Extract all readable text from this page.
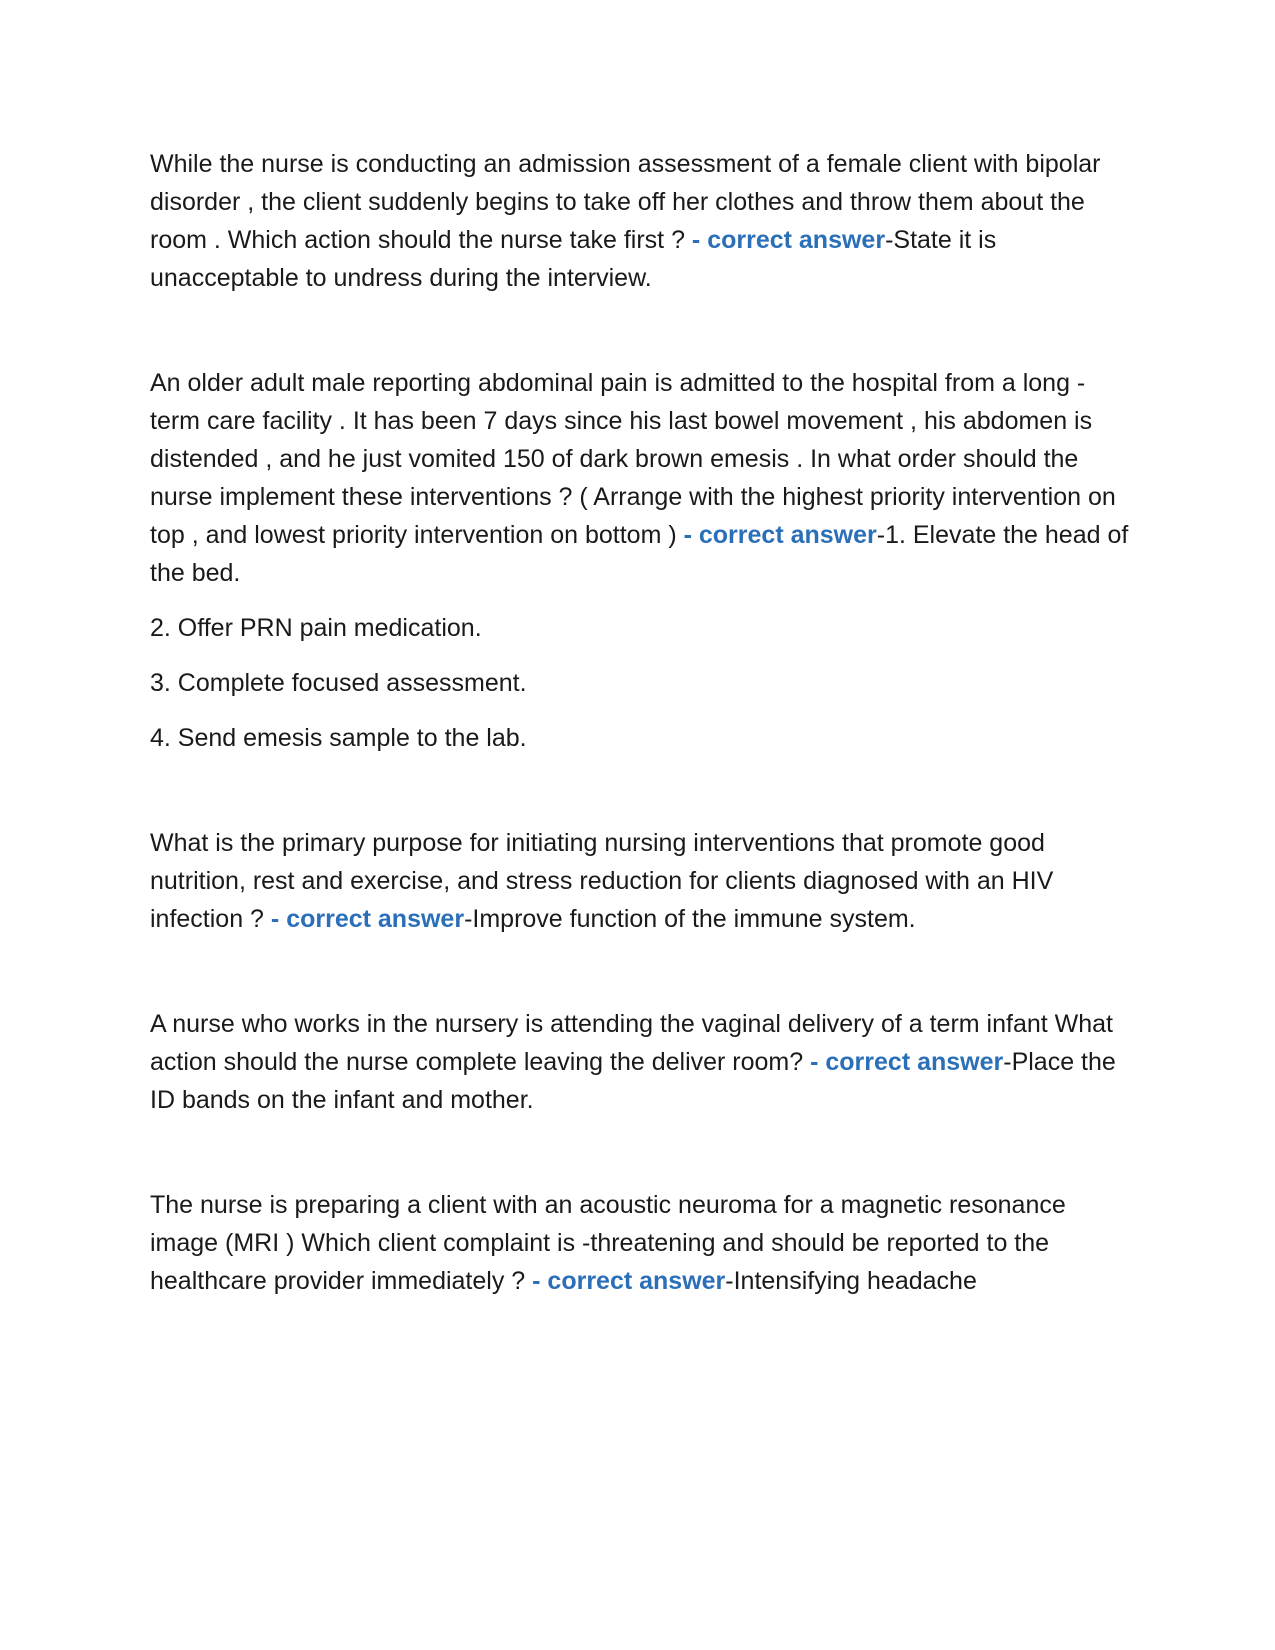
While the nurse is conducting an admission assessment of a female client with bipolar disorder , the client suddenly begins to take off her clothes and throw them about the room . Which action should the nurse take first ? - correct answer-State it is unacceptable to undress during the interview.

An older adult male reporting abdominal pain is admitted to the hospital from a long -term care facility . It has been 7 days since his last bowel movement , his abdomen is distended , and he just vomited 150 of dark brown emesis . In what order should the nurse implement these interventions ? ( Arrange with the highest priority intervention on top , and lowest priority intervention on bottom ) - correct answer-1. Elevate the head of the bed.

2. Offer PRN pain medication.

3. Complete focused assessment.

4. Send emesis sample to the lab.

What is the primary purpose for initiating nursing interventions that promote good nutrition, rest and exercise, and stress reduction for clients diagnosed with an HIV infection ? - correct answer-Improve function of the immune system.

A nurse who works in the nursery is attending the vaginal delivery of a term infant What action should the nurse complete leaving the deliver room? - correct answer-Place the ID bands on the infant and mother.

The nurse is preparing a client with an acoustic neuroma for a magnetic resonance image (MRI ) Which client complaint is -threatening and should be reported to the healthcare provider immediately ? - correct answer-Intensifying headache
